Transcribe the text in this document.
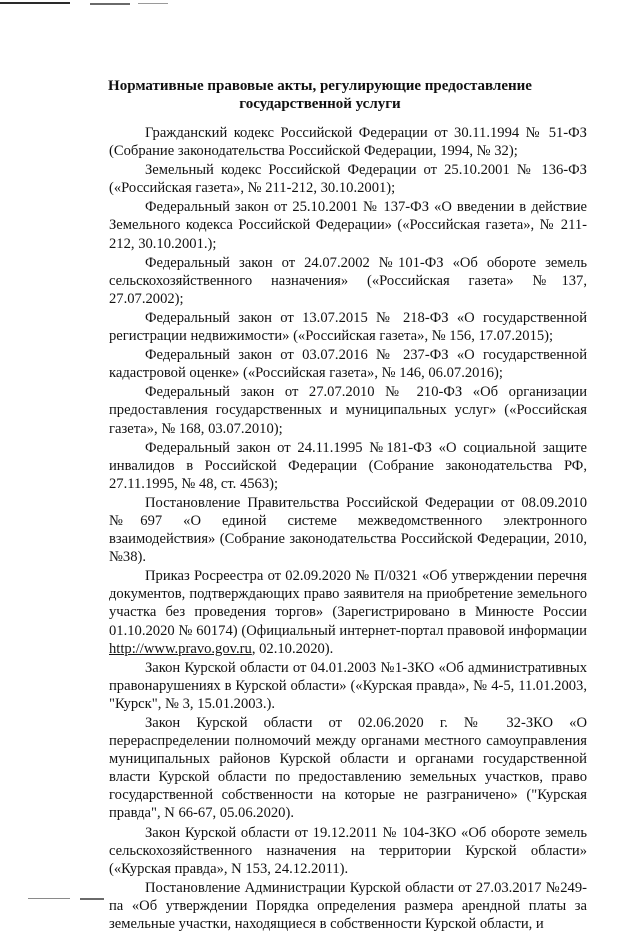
Нормативные правовые акты, регулирующие предоставление
государственной услуги

Гражданский кодекс Российской Федерации от 30.11.1994 № 51-ФЗ (Собрание законодательства Российской Федерации, 1994, № 32);

Земельный кодекс Российской Федерации от 25.10.2001 № 136-ФЗ («Российская газета», № 211-212, 30.10.2001);

Федеральный закон от 25.10.2001 № 137-ФЗ «О введении в действие Земельного кодекса Российской Федерации» («Российская газета», № 211-212, 30.10.2001.);

Федеральный закон от 24.07.2002 №101-ФЗ «Об обороте земель сельскохозяйственного назначения» («Российская газета» №137, 27.07.2002);

Федеральный закон от 13.07.2015 № 218-ФЗ «О государственной регистрации недвижимости» («Российская газета», № 156, 17.07.2015);

Федеральный закон от 03.07.2016 № 237-ФЗ «О государственной кадастровой оценке» («Российская газета», № 146, 06.07.2016);

Федеральный закон от 27.07.2010 № 210-ФЗ «Об организации предоставления государственных и муниципальных услуг» («Российская газета», № 168, 03.07.2010);

Федеральный закон от 24.11.1995 №181-ФЗ «О социальной защите инвалидов в Российской Федерации (Собрание законодательства РФ, 27.11.1995, № 48, ст. 4563);

Постановление Правительства Российской Федерации от 08.09.2010 №697 «О единой системе межведомственного электронного взаимодействия» (Собрание законодательства Российской Федерации, 2010, №38).

Приказ Росреестра от 02.09.2020 № П/0321 «Об утверждении перечня документов, подтверждающих право заявителя на приобретение земельного участка без проведения торгов» (Зарегистрировано в Минюсте России 01.10.2020 № 60174) (Официальный интернет-портал правовой информации http://www.pravo.gov.ru, 02.10.2020).

Закон Курской области от 04.01.2003 №1-ЗКО «Об административных правонарушениях в Курской области» («Курская правда», № 4-5, 11.01.2003, "Курск", № 3, 15.01.2003.).

Закон Курской области от 02.06.2020 г. № 32-ЗКО «О перераспределении полномочий между органами местного самоуправления муниципальных районов Курской области и органами государственной власти Курской области по предоставлению земельных участков, право государственной собственности на которые не разграничено» ("Курская правда", N 66-67, 05.06.2020).

Закон Курской области от 19.12.2011 № 104-ЗКО «Об обороте земель сельскохозяйственного назначения на территории Курской области» («Курская правда», N 153, 24.12.2011).

Постановление Администрации Курской области от 27.03.2017 №249-па «Об утверждении Порядка определения размера арендной платы за земельные участки, находящиеся в собственности Курской области, и
